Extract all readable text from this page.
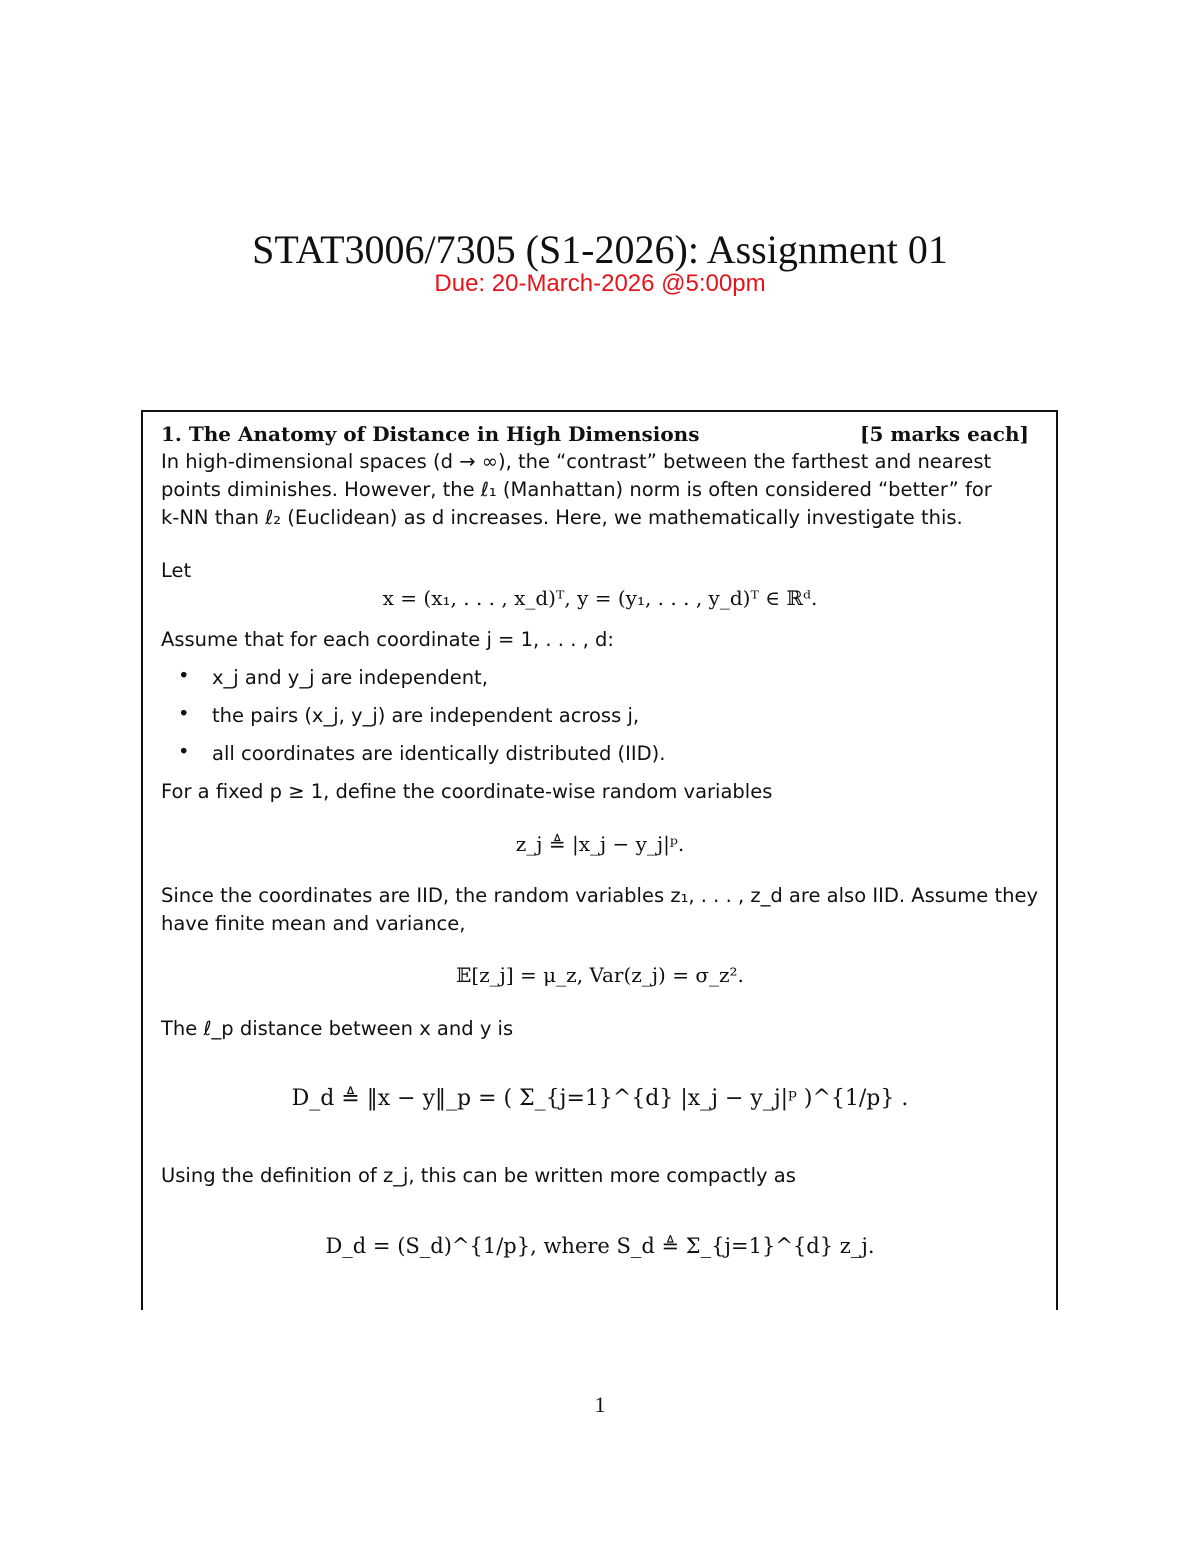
STAT3006/7305 (S1-2026): Assignment 01
Due: 20-March-2026 @5:00pm
1. The Anatomy of Distance in High Dimensions	[5 marks each]
In high-dimensional spaces (d → ∞), the “contrast” between the farthest and nearest
points diminishes. However, the ℓ₁ (Manhattan) norm is often considered “better” for
k-NN than ℓ₂ (Euclidean) as d increases. Here, we mathematically investigate this.
Let
x = (x₁, . . . , x_d)ᵀ, y = (y₁, . . . , y_d)ᵀ ∈ ℝᵈ.
Assume that for each coordinate j = 1, . . . , d:
• x_j and y_j are independent,
• the pairs (x_j, y_j) are independent across j,
• all coordinates are identically distributed (IID).
For a fixed p ≥ 1, define the coordinate-wise random variables
z_j ≜ |x_j − y_j|ᵖ.
Since the coordinates are IID, the random variables z₁, . . . , z_d are also IID. Assume they
have finite mean and variance,
𝔼[z_j] = μ_z, Var(z_j) = σ_z².
The ℓ_p distance between x and y is
D_d ≜ ‖x − y‖_p = ( Σ_{j=1}^{d} |x_j − y_j|ᵖ )^{1/p} .
Using the definition of z_j, this can be written more compactly as
D_d = (S_d)^{1/p}, where S_d ≜ Σ_{j=1}^{d} z_j.
1
